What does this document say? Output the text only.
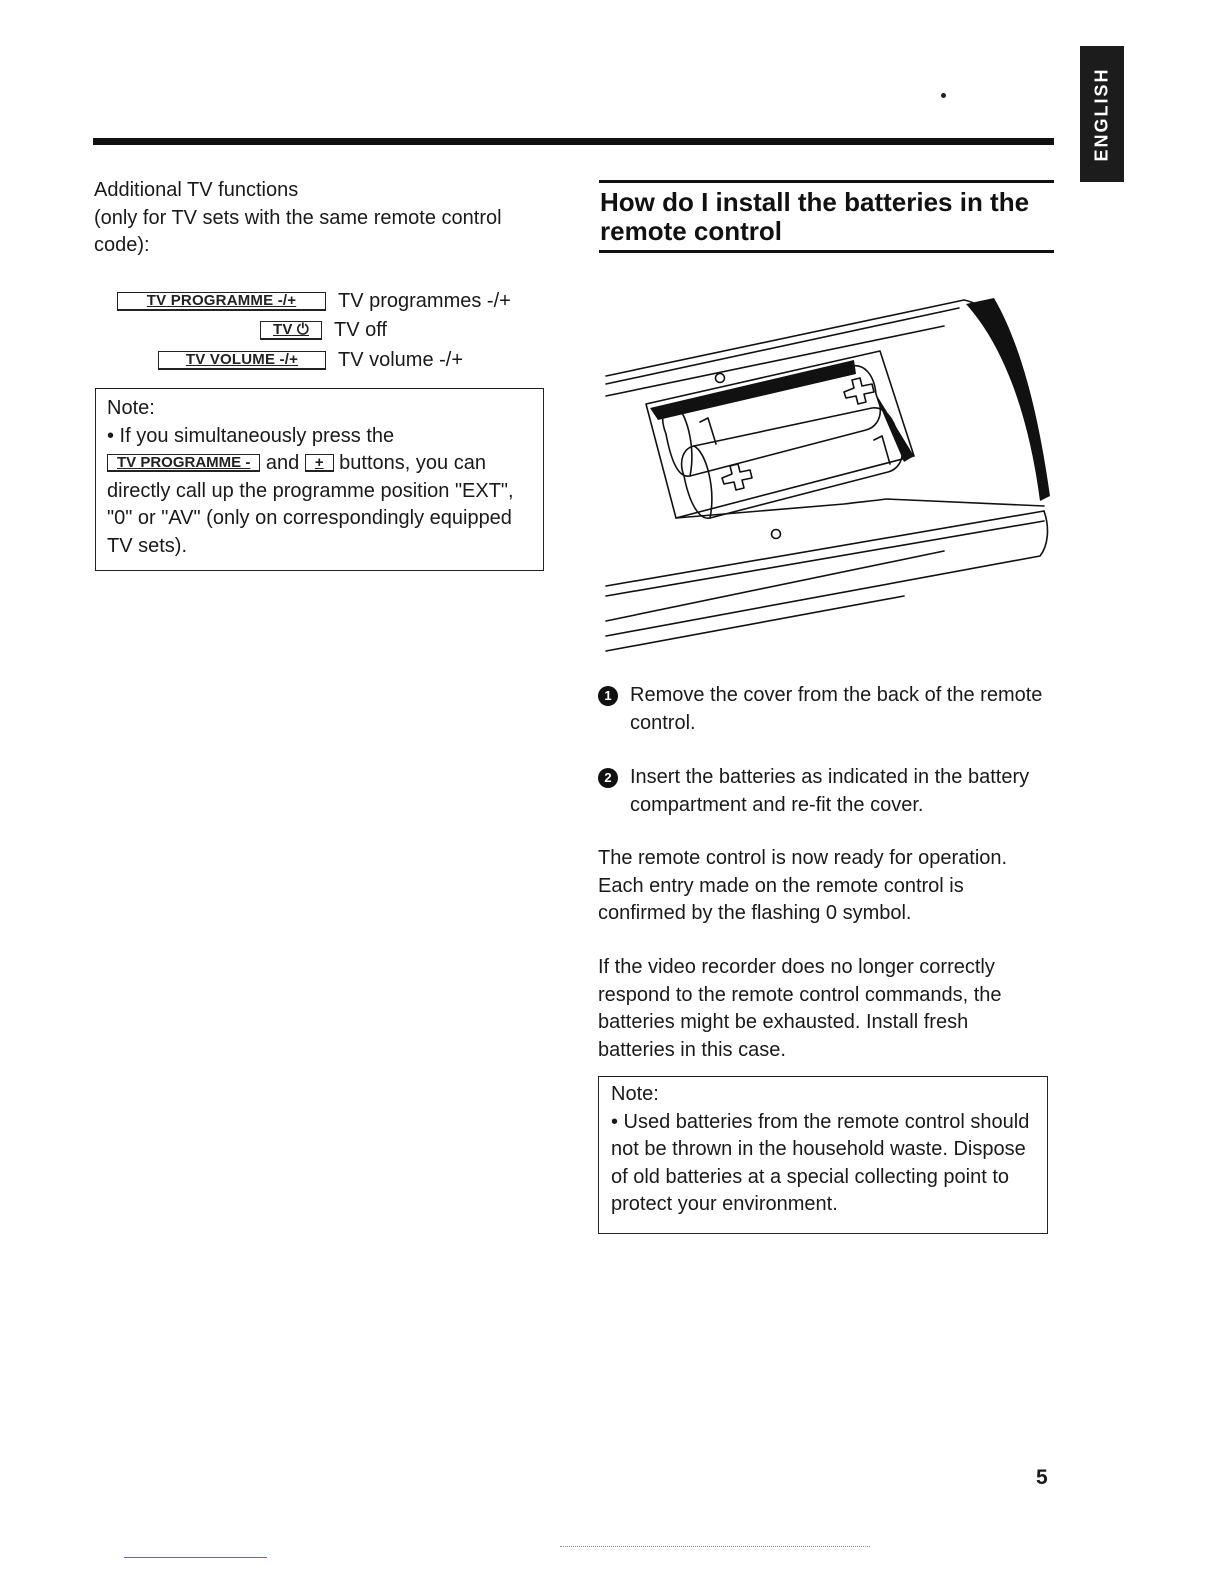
ENGLISH
Additional TV functions
(only for TV sets with the same remote control code):
TV PROGRAMME -/+	TV programmes -/+
TV ⏻	TV off
TV VOLUME -/+	TV volume -/+
Note:
• If you simultaneously press the
TV PROGRAMME - and + buttons, you can directly call up the programme position "EXT", "0" or "AV" (only on correspondingly equipped TV sets).
How do I install the batteries in the remote control
1 Remove the cover from the back of the remote control.
2 Insert the batteries as indicated in the battery compartment and re-fit the cover.
The remote control is now ready for operation. Each entry made on the remote control is confirmed by the flashing 0 symbol.
If the video recorder does no longer correctly respond to the remote control commands, the batteries might be exhausted. Install fresh batteries in this case.
Note:
• Used batteries from the remote control should not be thrown in the household waste. Dispose of old batteries at a special collecting point to protect your environment.
5
